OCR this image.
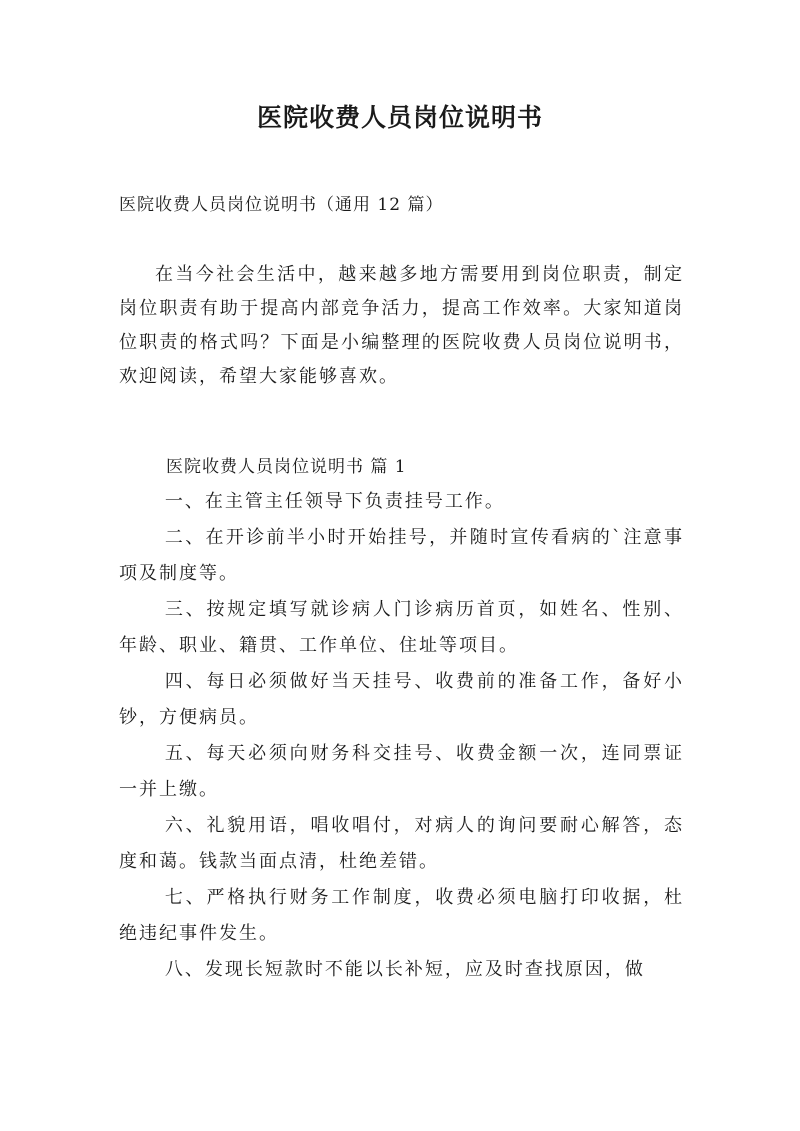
医院收费人员岗位说明书

医院收费人员岗位说明书（通用 12 篇）

在当今社会生活中，越来越多地方需要用到岗位职责，制定岗位职责有助于提高内部竞争活力，提高工作效率。大家知道岗位职责的格式吗？下面是小编整理的医院收费人员岗位说明书，欢迎阅读，希望大家能够喜欢。

医院收费人员岗位说明书 篇 1

一、在主管主任领导下负责挂号工作。
二、在开诊前半小时开始挂号，并随时宣传看病的`注意事项及制度等。
三、按规定填写就诊病人门诊病历首页，如姓名、性别、年龄、职业、籍贯、工作单位、住址等项目。
四、每日必须做好当天挂号、收费前的准备工作，备好小钞，方便病员。
五、每天必须向财务科交挂号、收费金额一次，连同票证一并上缴。
六、礼貌用语，唱收唱付，对病人的询问要耐心解答，态度和蔼。钱款当面点清，杜绝差错。
七、严格执行财务工作制度，收费必须电脑打印收据，杜绝违纪事件发生。
八、发现长短款时不能以长补短，应及时查找原因，做
